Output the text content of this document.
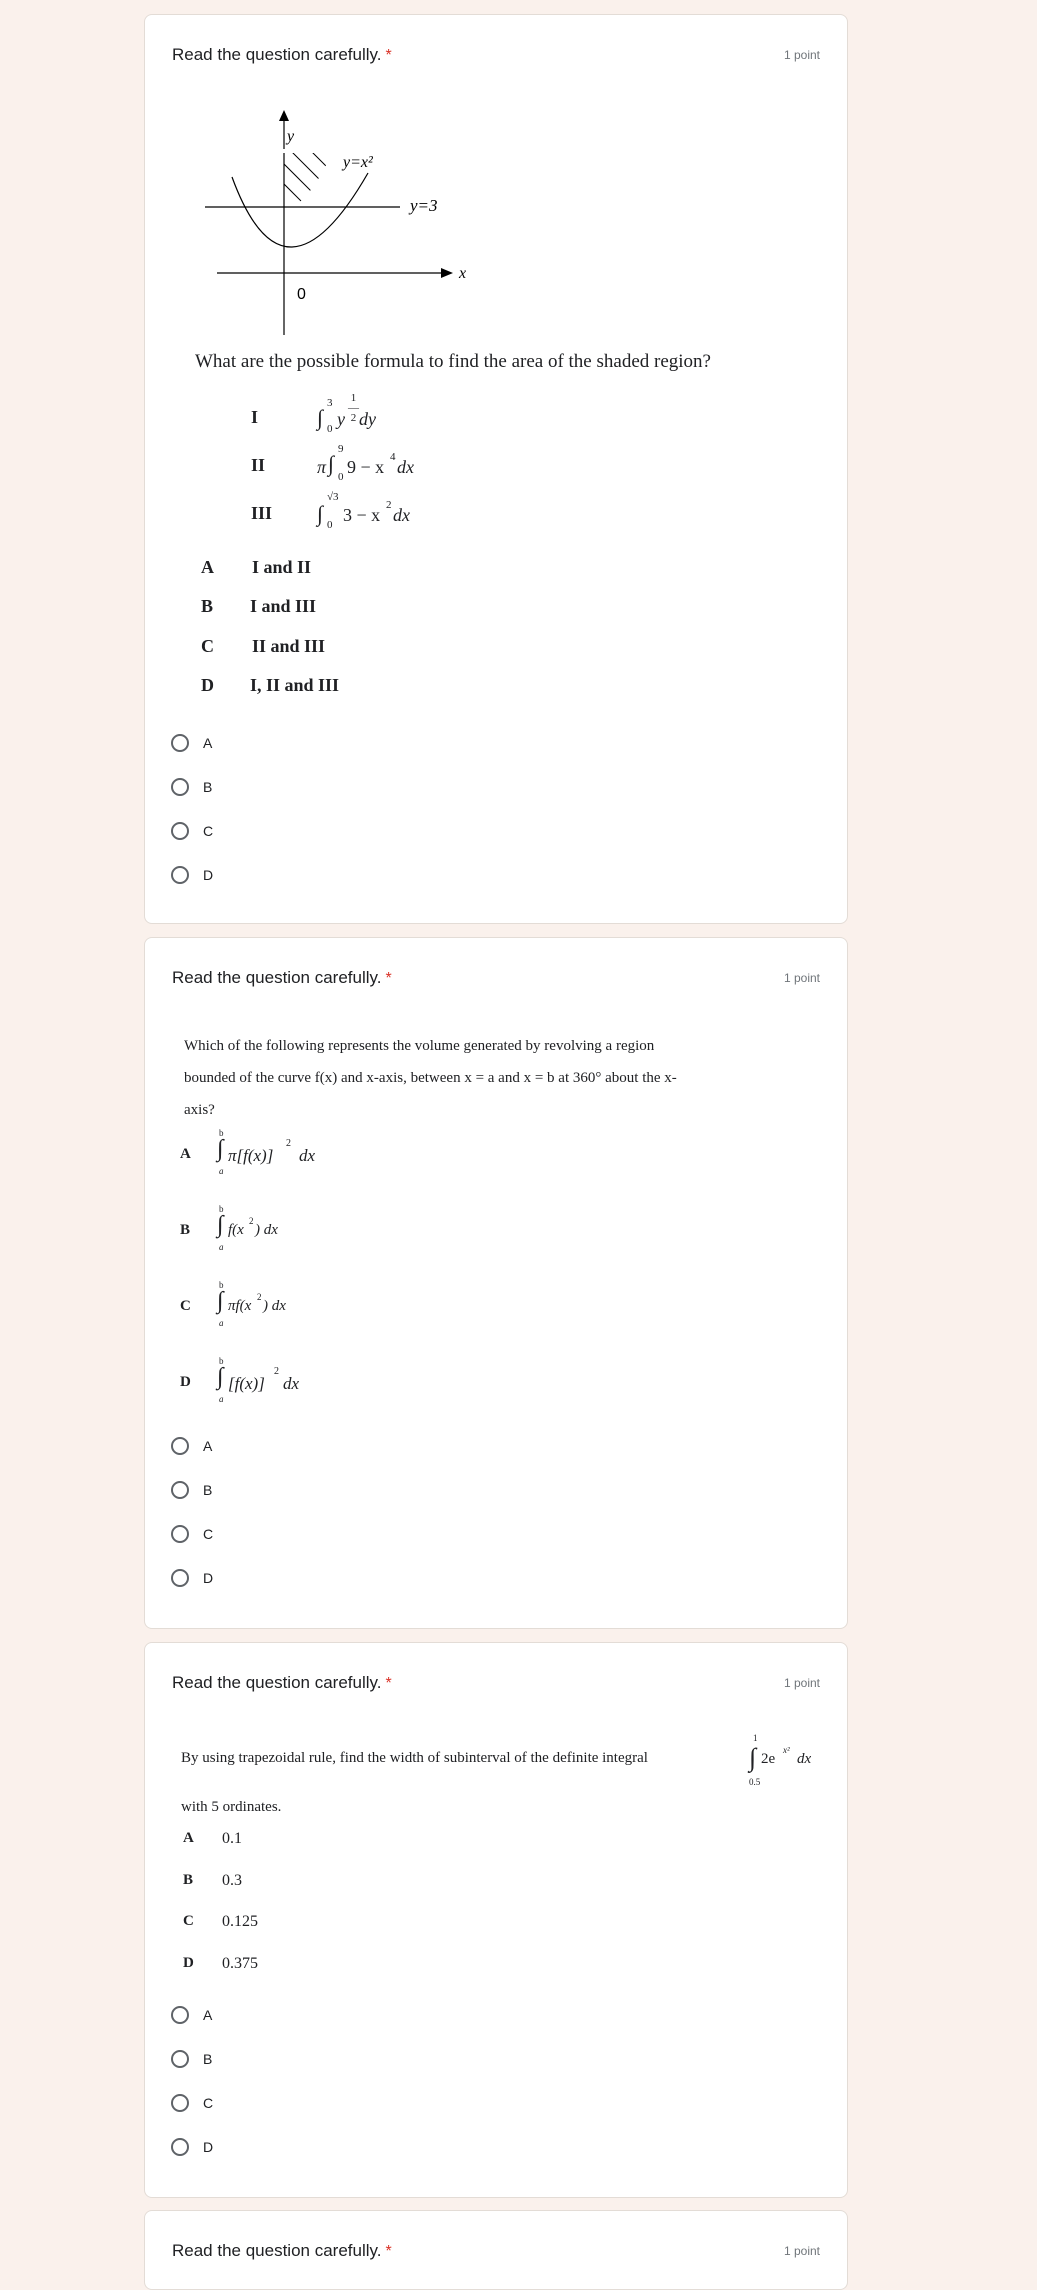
Read the question carefully. *	1 point
y
x
y=x²
y=3
0
What are the possible formula to find the area of the shaded region?
I	∫
3
0 y
1
—
2 dy
II	π ∫
9
0 9 − x 4 dx
III ∫
√3
0 3 − x 2 dx
A I and II
B I and III
C II and III
D I, II and III
A
B
C
D
Read the question carefully. *	1 point
Which of the following represents the volume generated by revolving a region
bounded of the curve f(x) and x-axis, between x = a and x = b at 360° about the x-
axis?
A
b
∫
a
π[f(x)]
2
dx
B
b
∫
a
f(x
2
) dx
C
b
∫
a
πf(x
2
) dx
D
b
∫
a
[f(x)]
2
dx
A
B
C
D
Read the question carefully. *	1 point
By using trapezoidal rule, find the width of subinterval of the definite integral
1
∫
0.5
2e
x²
dx
with 5 ordinates.
A 0.1
B 0.3
C 0.125
D 0.375
A
B
C
D
Read the question carefully. *	1 point
